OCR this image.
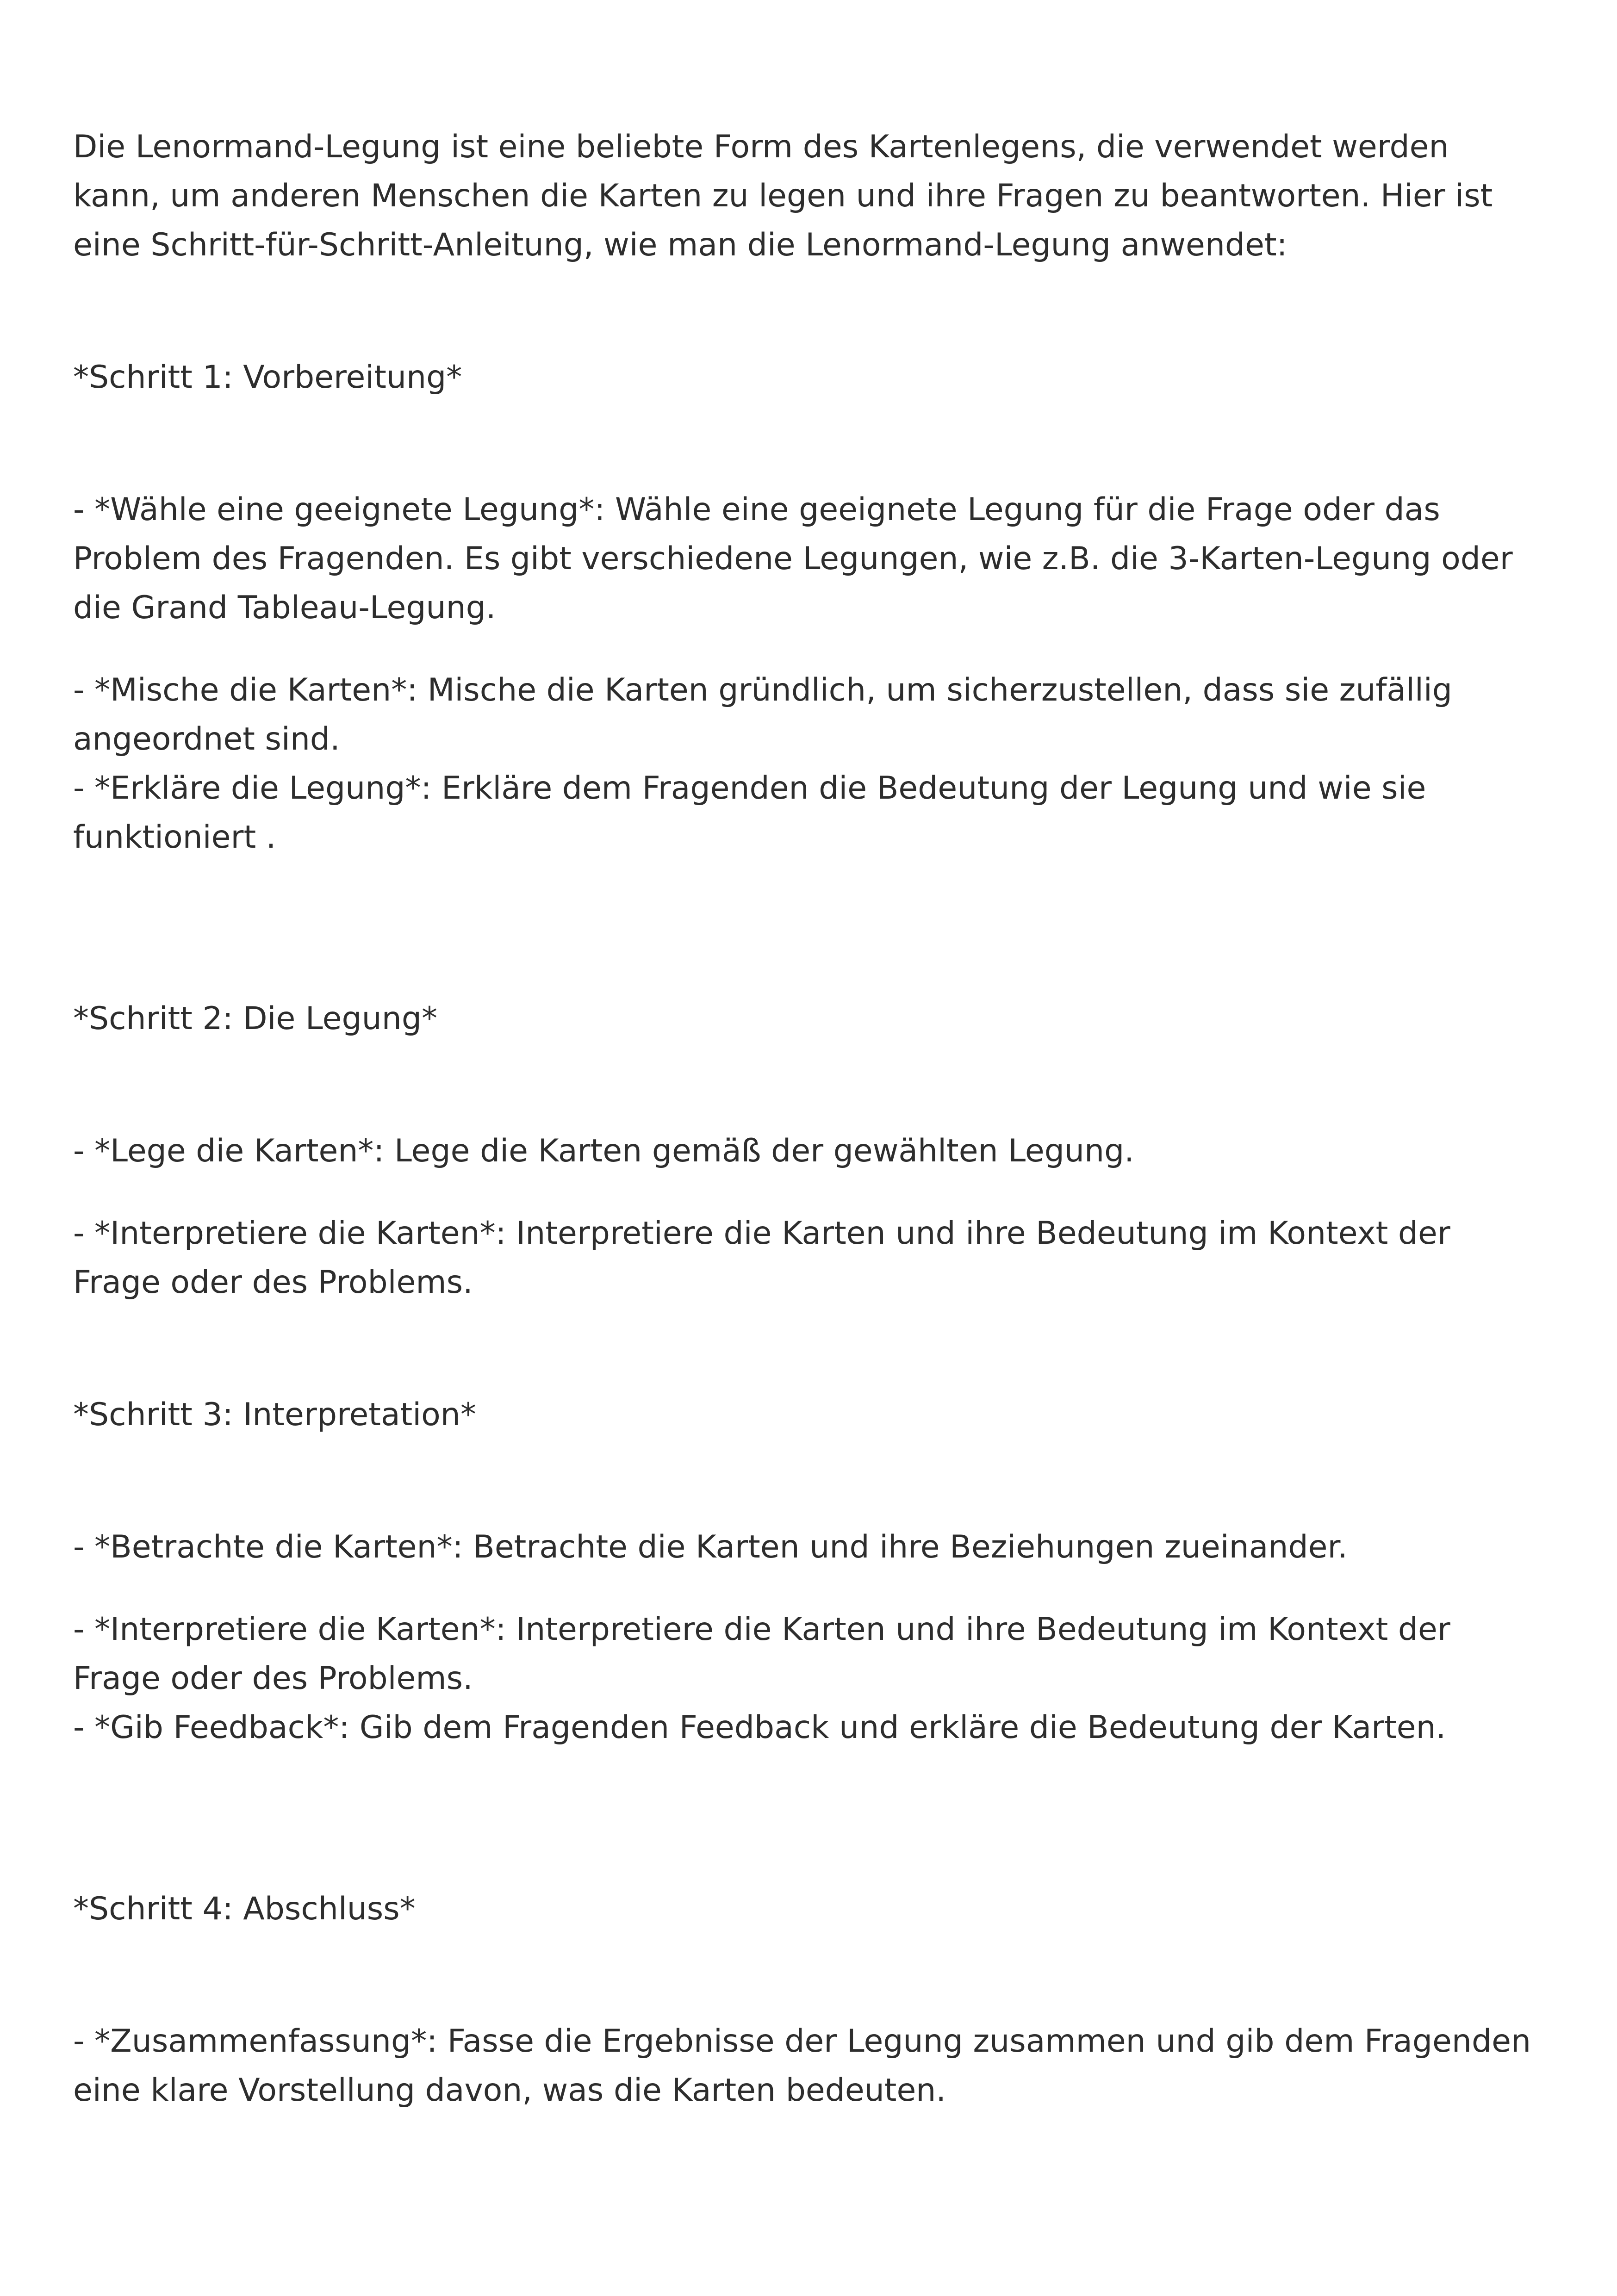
Die Lenormand-Legung ist eine beliebte Form des Kartenlegens, die verwendet werden kann, um anderen Menschen die Karten zu legen und ihre Fragen zu beantworten. Hier ist eine Schritt-für-Schritt-Anleitung, wie man die Lenormand-Legung anwendet:

*Schritt 1: Vorbereitung*

- *Wähle eine geeignete Legung*: Wähle eine geeignete Legung für die Frage oder das Problem des Fragenden. Es gibt verschiedene Legungen, wie z.B. die 3-Karten-Legung oder die Grand Tableau-Legung.

- *Mische die Karten*: Mische die Karten gründlich, um sicherzustellen, dass sie zufällig angeordnet sind.

- *Erkläre die Legung*: Erkläre dem Fragenden die Bedeutung der Legung und wie sie funktioniert .

*Schritt 2: Die Legung*

- *Lege die Karten*: Lege die Karten gemäß der gewählten Legung.

- *Interpretiere die Karten*: Interpretiere die Karten und ihre Bedeutung im Kontext der Frage oder des Problems.

*Schritt 3: Interpretation*

- *Betrachte die Karten*: Betrachte die Karten und ihre Beziehungen zueinander.

- *Interpretiere die Karten*: Interpretiere die Karten und ihre Bedeutung im Kontext der Frage oder des Problems.

- *Gib Feedback*: Gib dem Fragenden Feedback und erkläre die Bedeutung der Karten.

*Schritt 4: Abschluss*

- *Zusammenfassung*: Fasse die Ergebnisse der Legung zusammen und gib dem Fragenden eine klare Vorstellung davon, was die Karten bedeuten.
